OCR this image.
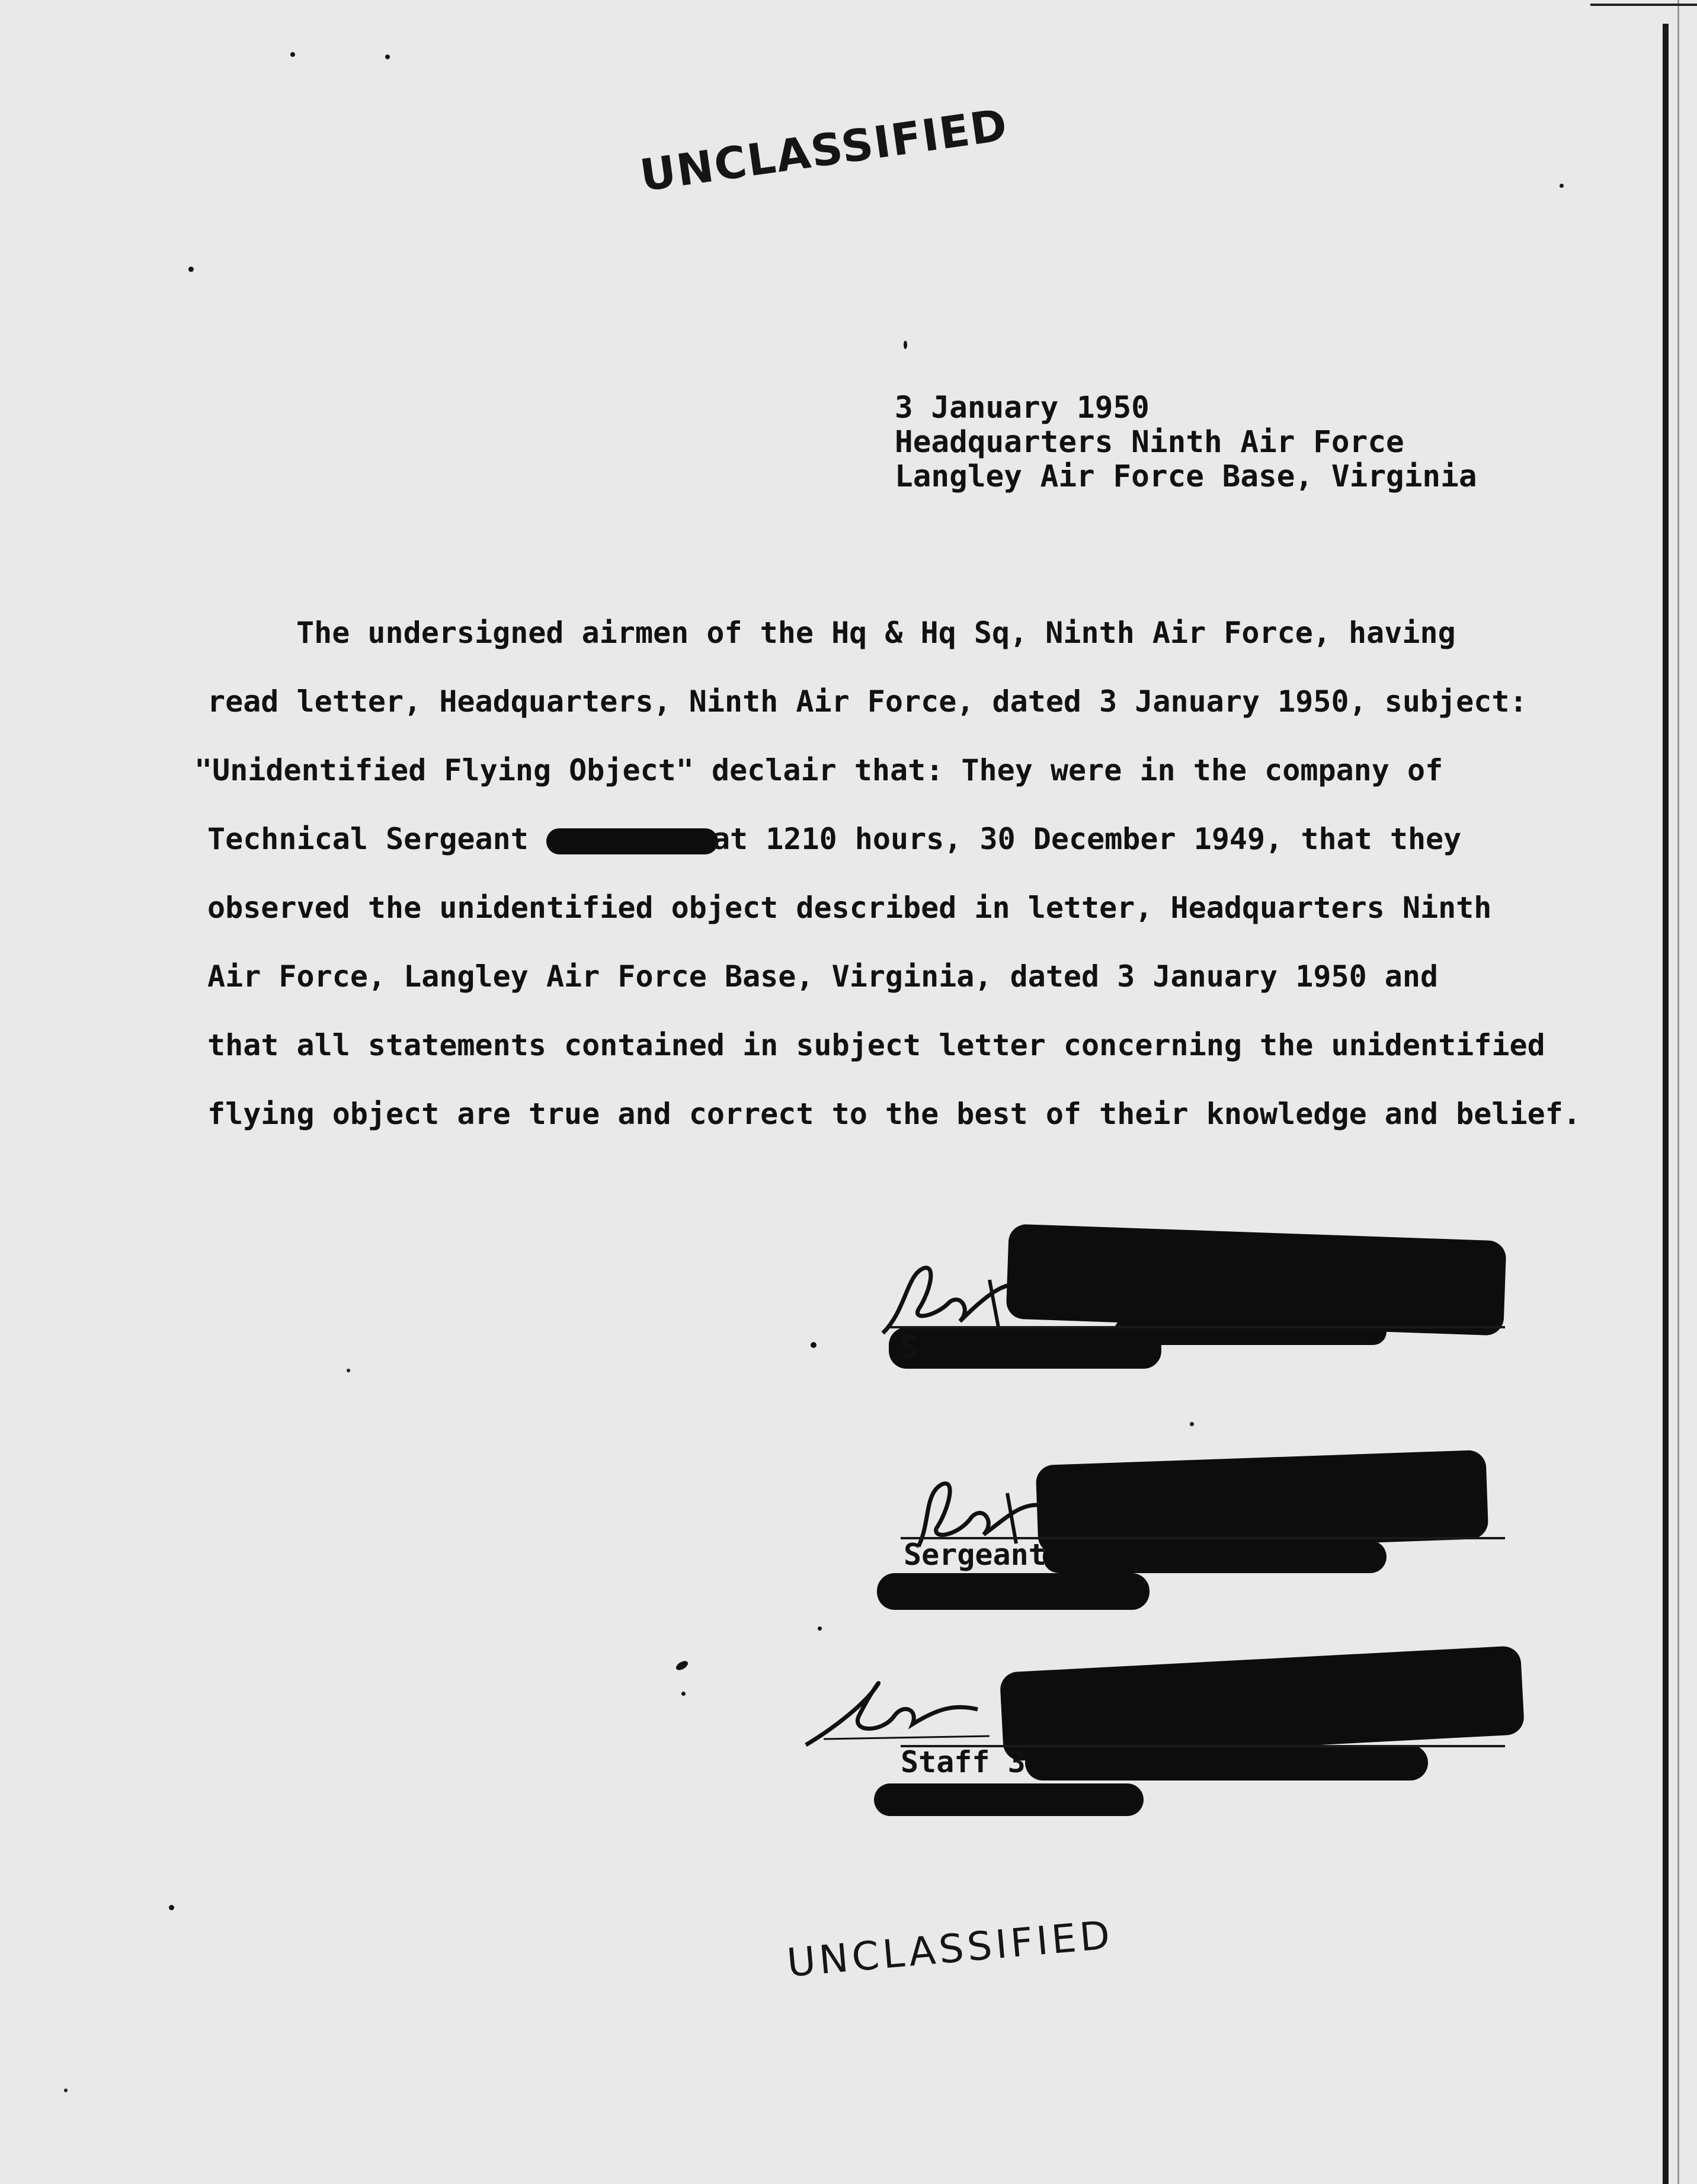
UNCLASSIFIED
3 January 1950
Headquarters Ninth Air Force
Langley Air Force Base, Virginia
The undersigned airmen of the Hq & Hq Sq, Ninth Air Force, having
read letter, Headquarters, Ninth Air Force, dated 3 January 1950, subject:
"Unidentified Flying Object" declair that: They were in the company of
Technical Sergeant	at 1210 hours, 30 December 1949, that they
observed the unidentified object described in letter, Headquarters Ninth
Air Force, Langley Air Force Base, Virginia, dated 3 January 1950 and
that all statements contained in subject letter concerning the unidentified
flying object are true and correct to the best of their knowledge and belief.
S
Sergeant
Staff 3
UNCLASSIFIED
